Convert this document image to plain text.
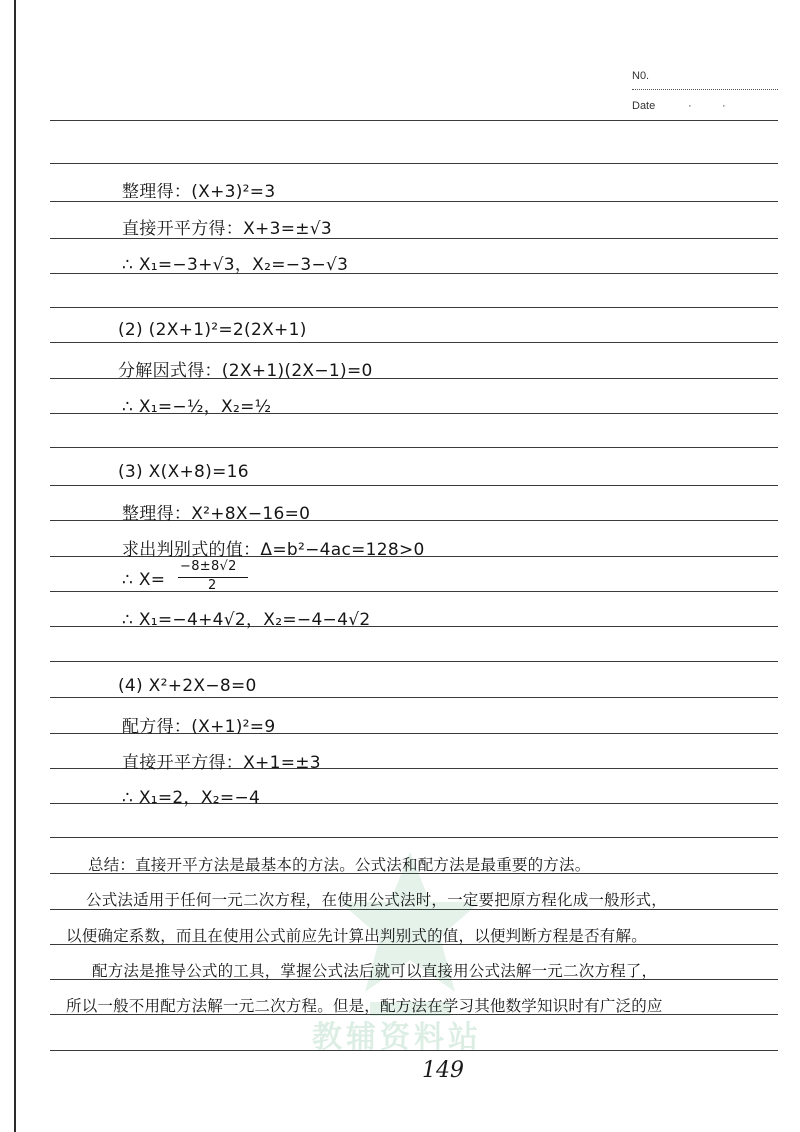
N0.
Date	·	·
教辅资料站
整理得：(X+3)²=3
直接开平方得：X+3=±√3
∴ X₁=−3+√3，X₂=−3−√3
(2) (2X+1)²=2(2X+1)
分解因式得：(2X+1)(2X−1)=0
∴ X₁=−½，X₂=½
(3) X(X+8)=16
整理得：X²+8X−16=0
求出判别式的值：Δ=b²−4ac=128>0
∴ X=
−8±8√2
2
∴ X₁=−4+4√2，X₂=−4−4√2
(4) X²+2X−8=0
配方得：(X+1)²=9
直接开平方得：X+1=±3
∴ X₁=2，X₂=−4
总结：直接开平方法是最基本的方法。公式法和配方法是最重要的方法。
公式法适用于任何一元二次方程，在使用公式法时，一定要把原方程化成一般形式，
以便确定系数，而且在使用公式前应先计算出判别式的值，以便判断方程是否有解。
配方法是推导公式的工具，掌握公式法后就可以直接用公式法解一元二次方程了，
所以一般不用配方法解一元二次方程。但是，配方法在学习其他数学知识时有广泛的应
149
